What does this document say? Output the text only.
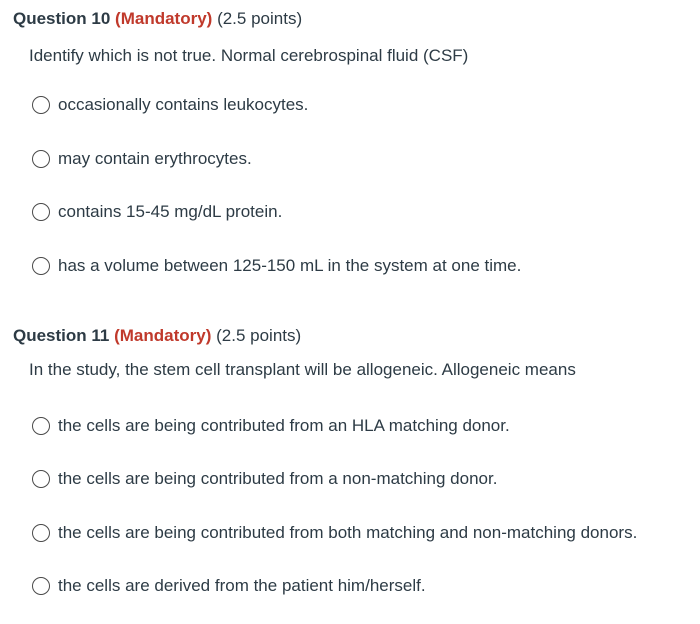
Question 10 (Mandatory) (2.5 points)
Identify which is not true. Normal cerebrospinal fluid (CSF)
occasionally contains leukocytes.
may contain erythrocytes.
contains 15-45 mg/dL protein.
has a volume between 125-150 mL in the system at one time.
Question 11 (Mandatory) (2.5 points)
In the study, the stem cell transplant will be allogeneic. Allogeneic means
the cells are being contributed from an HLA matching donor.
the cells are being contributed from a non-matching donor.
the cells are being contributed from both matching and non-matching donors.
the cells are derived from the patient him/herself.
